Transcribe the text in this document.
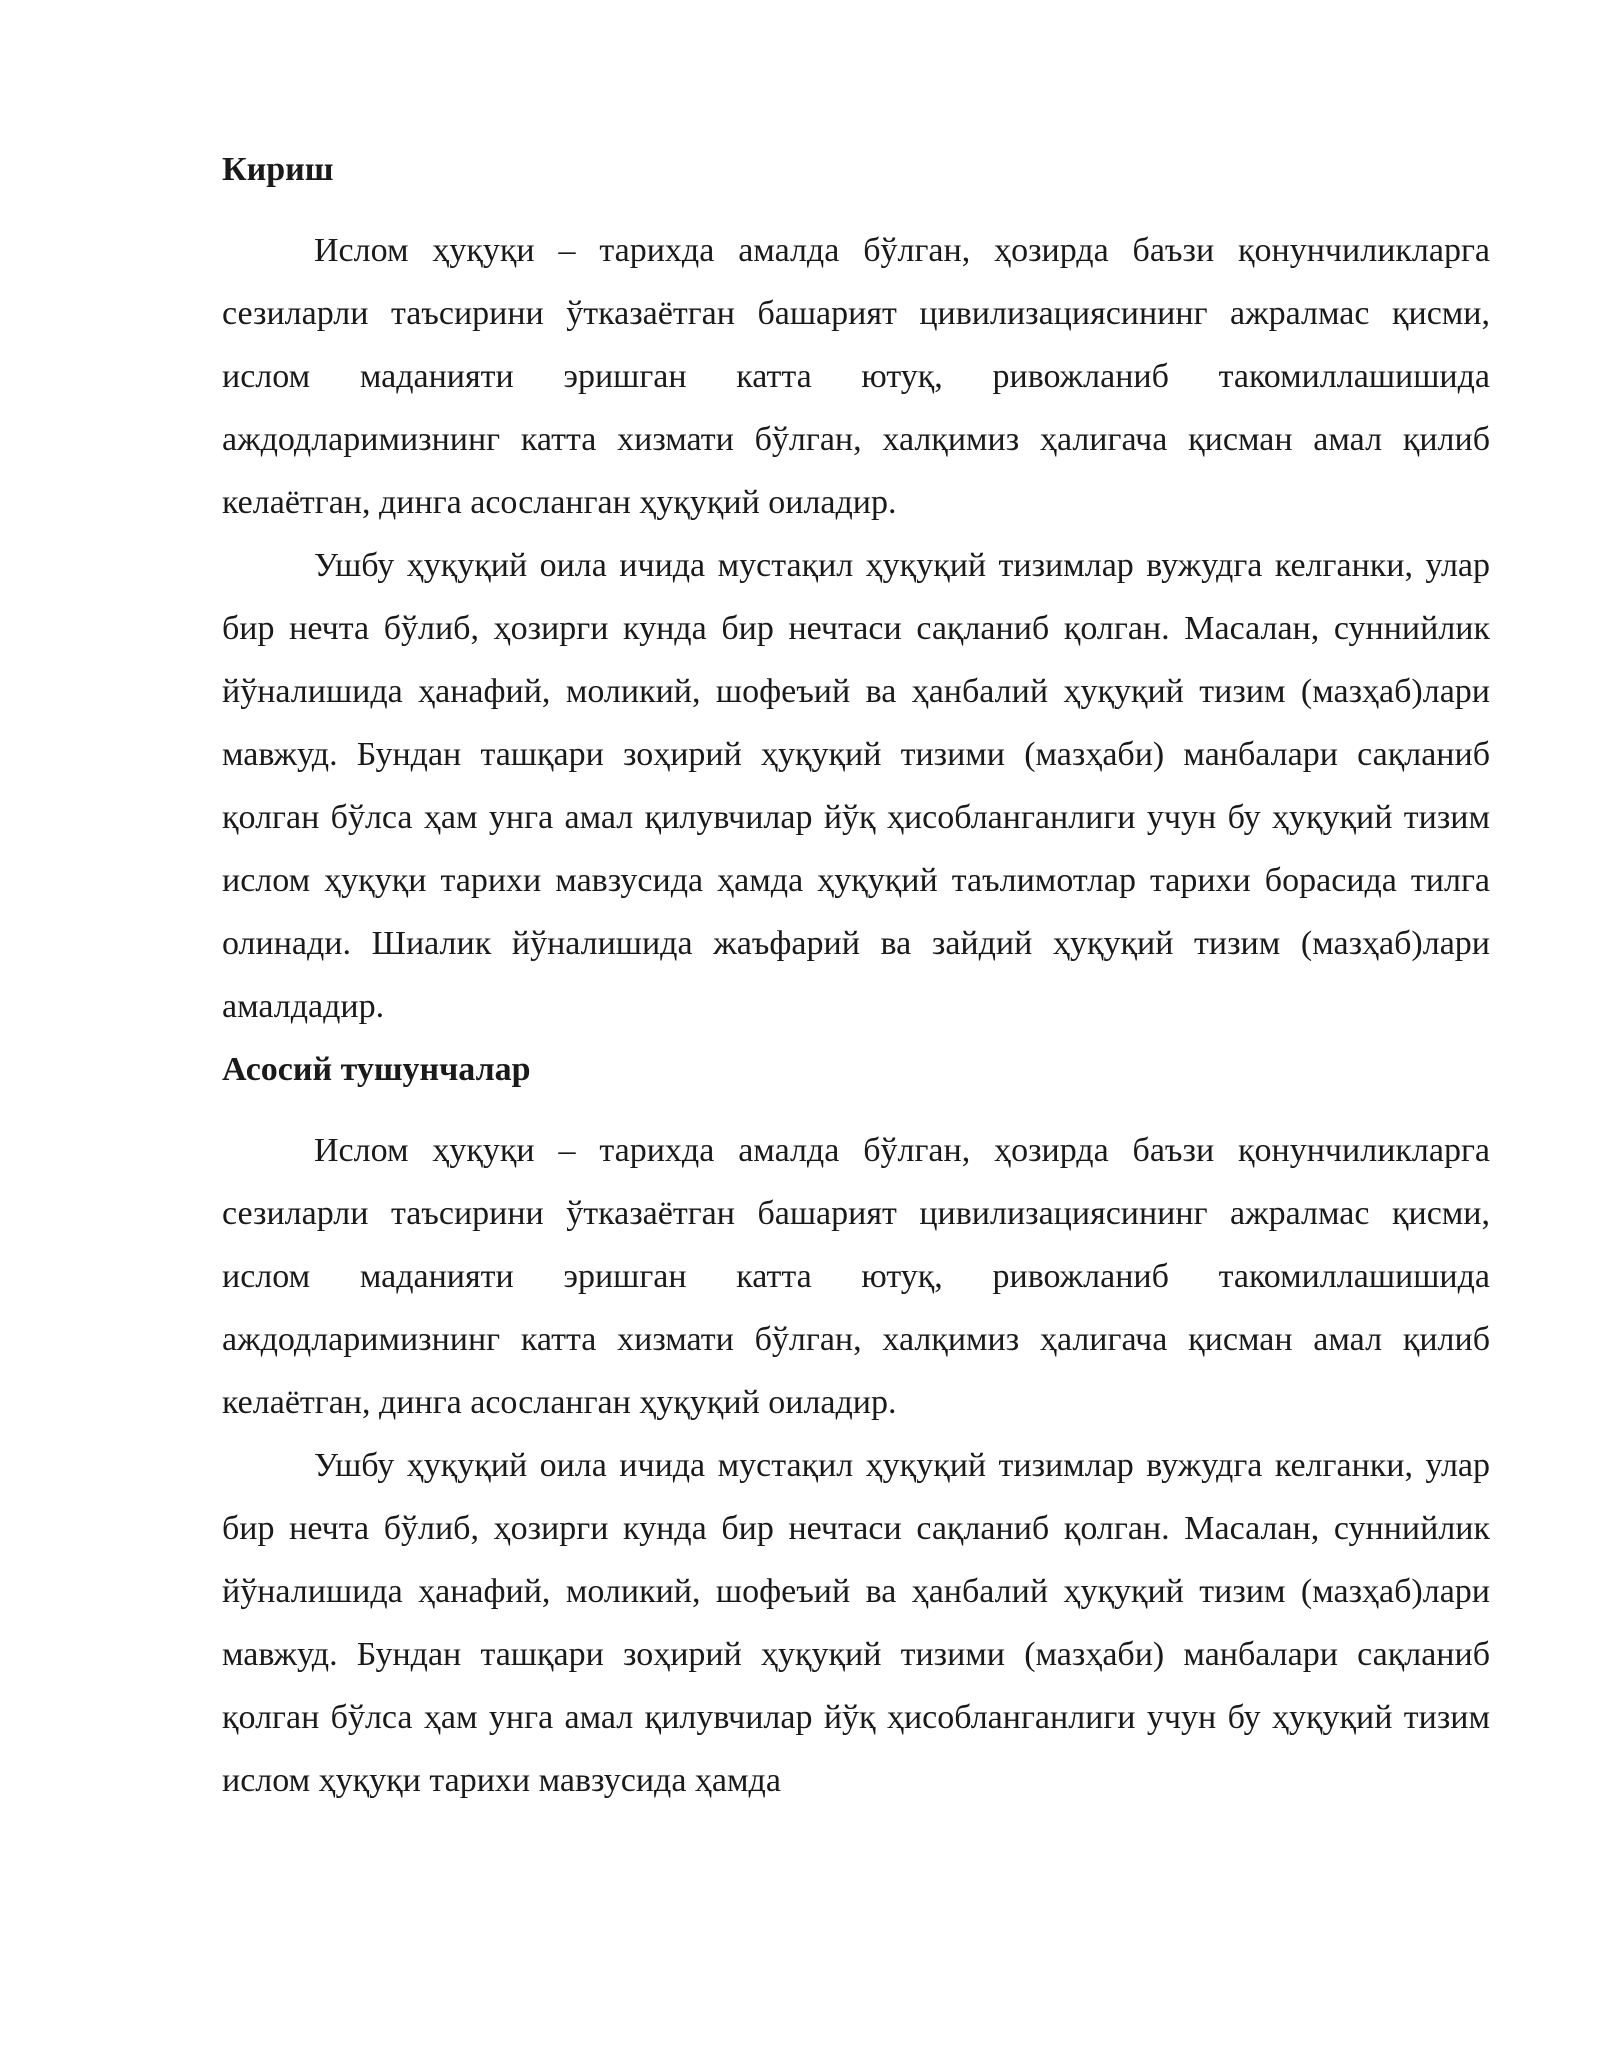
Кириш

Ислом ҳуқуқи – тарихда амалда бўлган, ҳозирда баъзи қонунчиликларга сезиларли таъсирини ўтказаётган башарият цивилизациясининг ажралмас қисми, ислом маданияти эришган катта ютуқ, ривожланиб такомиллашишида аждодларимизнинг катта хизмати бўлган, халқимиз ҳалигача қисман амал қилиб келаётган, динга асосланган ҳуқуқий оиладир.

Ушбу ҳуқуқий оила ичида мустақил ҳуқуқий тизимлар вужудга келганки, улар бир нечта бўлиб, ҳозирги кунда бир нечтаси сақланиб қолган. Масалан, суннийлик йўналишида ҳанафий, моликий, шофеъий ва ҳанбалий ҳуқуқий тизим (мазҳаб)лари мавжуд. Бундан ташқари зоҳирий ҳуқуқий тизими (мазҳаби) манбалари сақланиб қолган бўлса ҳам унга амал қилувчилар йўқ ҳисобланганлиги учун бу ҳуқуқий тизим ислом ҳуқуқи тарихи мавзусида ҳамда ҳуқуқий таълимотлар тарихи борасида тилга олинади. Шиалик йўналишида жаъфарий ва зайдий ҳуқуқий тизим (мазҳаб)лари амалдадир.

Асосий тушунчалар

Ислом ҳуқуқи – тарихда амалда бўлган, ҳозирда баъзи қонунчиликларга сезиларли таъсирини ўтказаётган башарият цивилизациясининг ажралмас қисми, ислом маданияти эришган катта ютуқ, ривожланиб такомиллашишида аждодларимизнинг катта хизмати бўлган, халқимиз ҳалигача қисман амал қилиб келаётган, динга асосланган ҳуқуқий оиладир.

Ушбу ҳуқуқий оила ичида мустақил ҳуқуқий тизимлар вужудга келганки, улар бир нечта бўлиб, ҳозирги кунда бир нечтаси сақланиб қолган. Масалан, суннийлик йўналишида ҳанафий, моликий, шофеъий ва ҳанбалий ҳуқуқий тизим (мазҳаб)лари мавжуд. Бундан ташқари зоҳирий ҳуқуқий тизими (мазҳаби) манбалари сақланиб қолган бўлса ҳам унга амал қилувчилар йўқ ҳисобланганлиги учун бу ҳуқуқий тизим ислом ҳуқуқи тарихи мавзусида ҳамда
